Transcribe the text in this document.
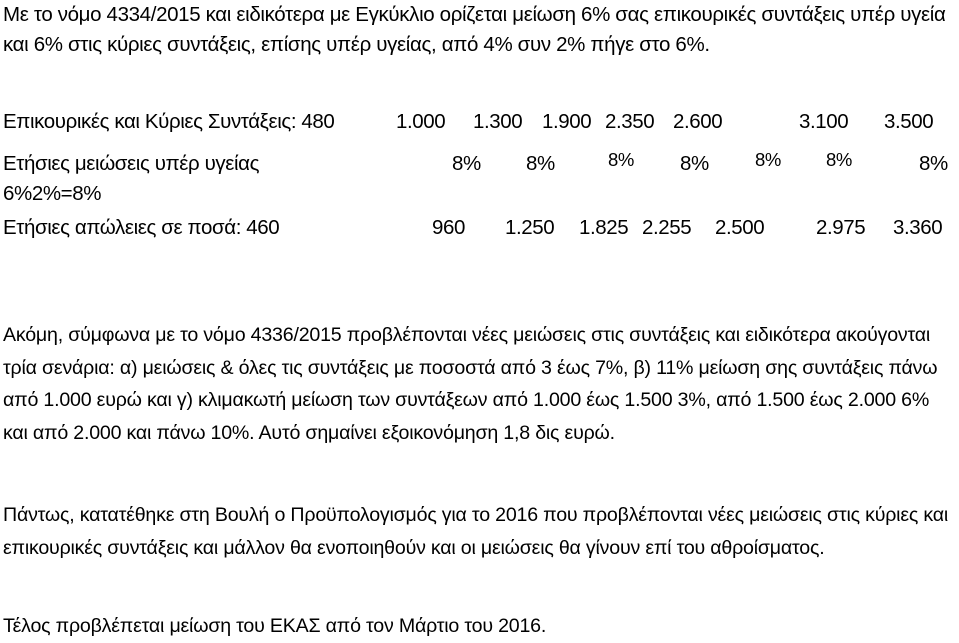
Με το νόμο 4334/2015 και ειδικότερα με Εγκύκλιο ορίζεται μείωση 6% σας επικουρικές συντάξεις υπέρ υγεία και 6% στις κύριες συντάξεις, επίσης υπέρ υγείας, από 4% συν 2% πήγε στο 6%.
Επικουρικές και Κύριες Συντάξεις: 480	1.000 1.300 1.900 2.350 2.600	3.100 3.500
Ετήσιες μειώσεις υπέρ υγείας	8% 8%	8% 8% 8% 8%	8%
6%2%=8%
Ετήσιες απώλειες σε ποσά: 460	960 1.250 1.825 2.255 2.500	2.975 3.360

Ακόμη, σύμφωνα με το νόμο 4336/2015 προβλέπονται νέες μειώσεις στις συντάξεις και ειδικότερα ακούγονται τρία σενάρια: α) μειώσεις & όλες τις συντάξεις με ποσοστά από 3 έως 7%, β) 11% μείωση σης συντάξεις πάνω από 1.000 ευρώ και γ) κλιμακωτή μείωση των συντάξεων από 1.000 έως 1.500 3%, από 1.500 έως 2.000 6% και από 2.000 και πάνω 10%. Αυτό σημαίνει εξοικονόμηση 1,8 δις ευρώ.

Πάντως, κατατέθηκε στη Βουλή ο Προϋπολογισμός για το 2016 που προβλέπονται νέες μειώσεις στις κύριες και επικουρικές συντάξεις και μάλλον θα ενοποιηθούν και οι μειώσεις θα γίνουν επί του αθροίσματος.

Τέλος προβλέπεται μείωση του ΕΚΑΣ από τον Μάρτιο του 2016.
